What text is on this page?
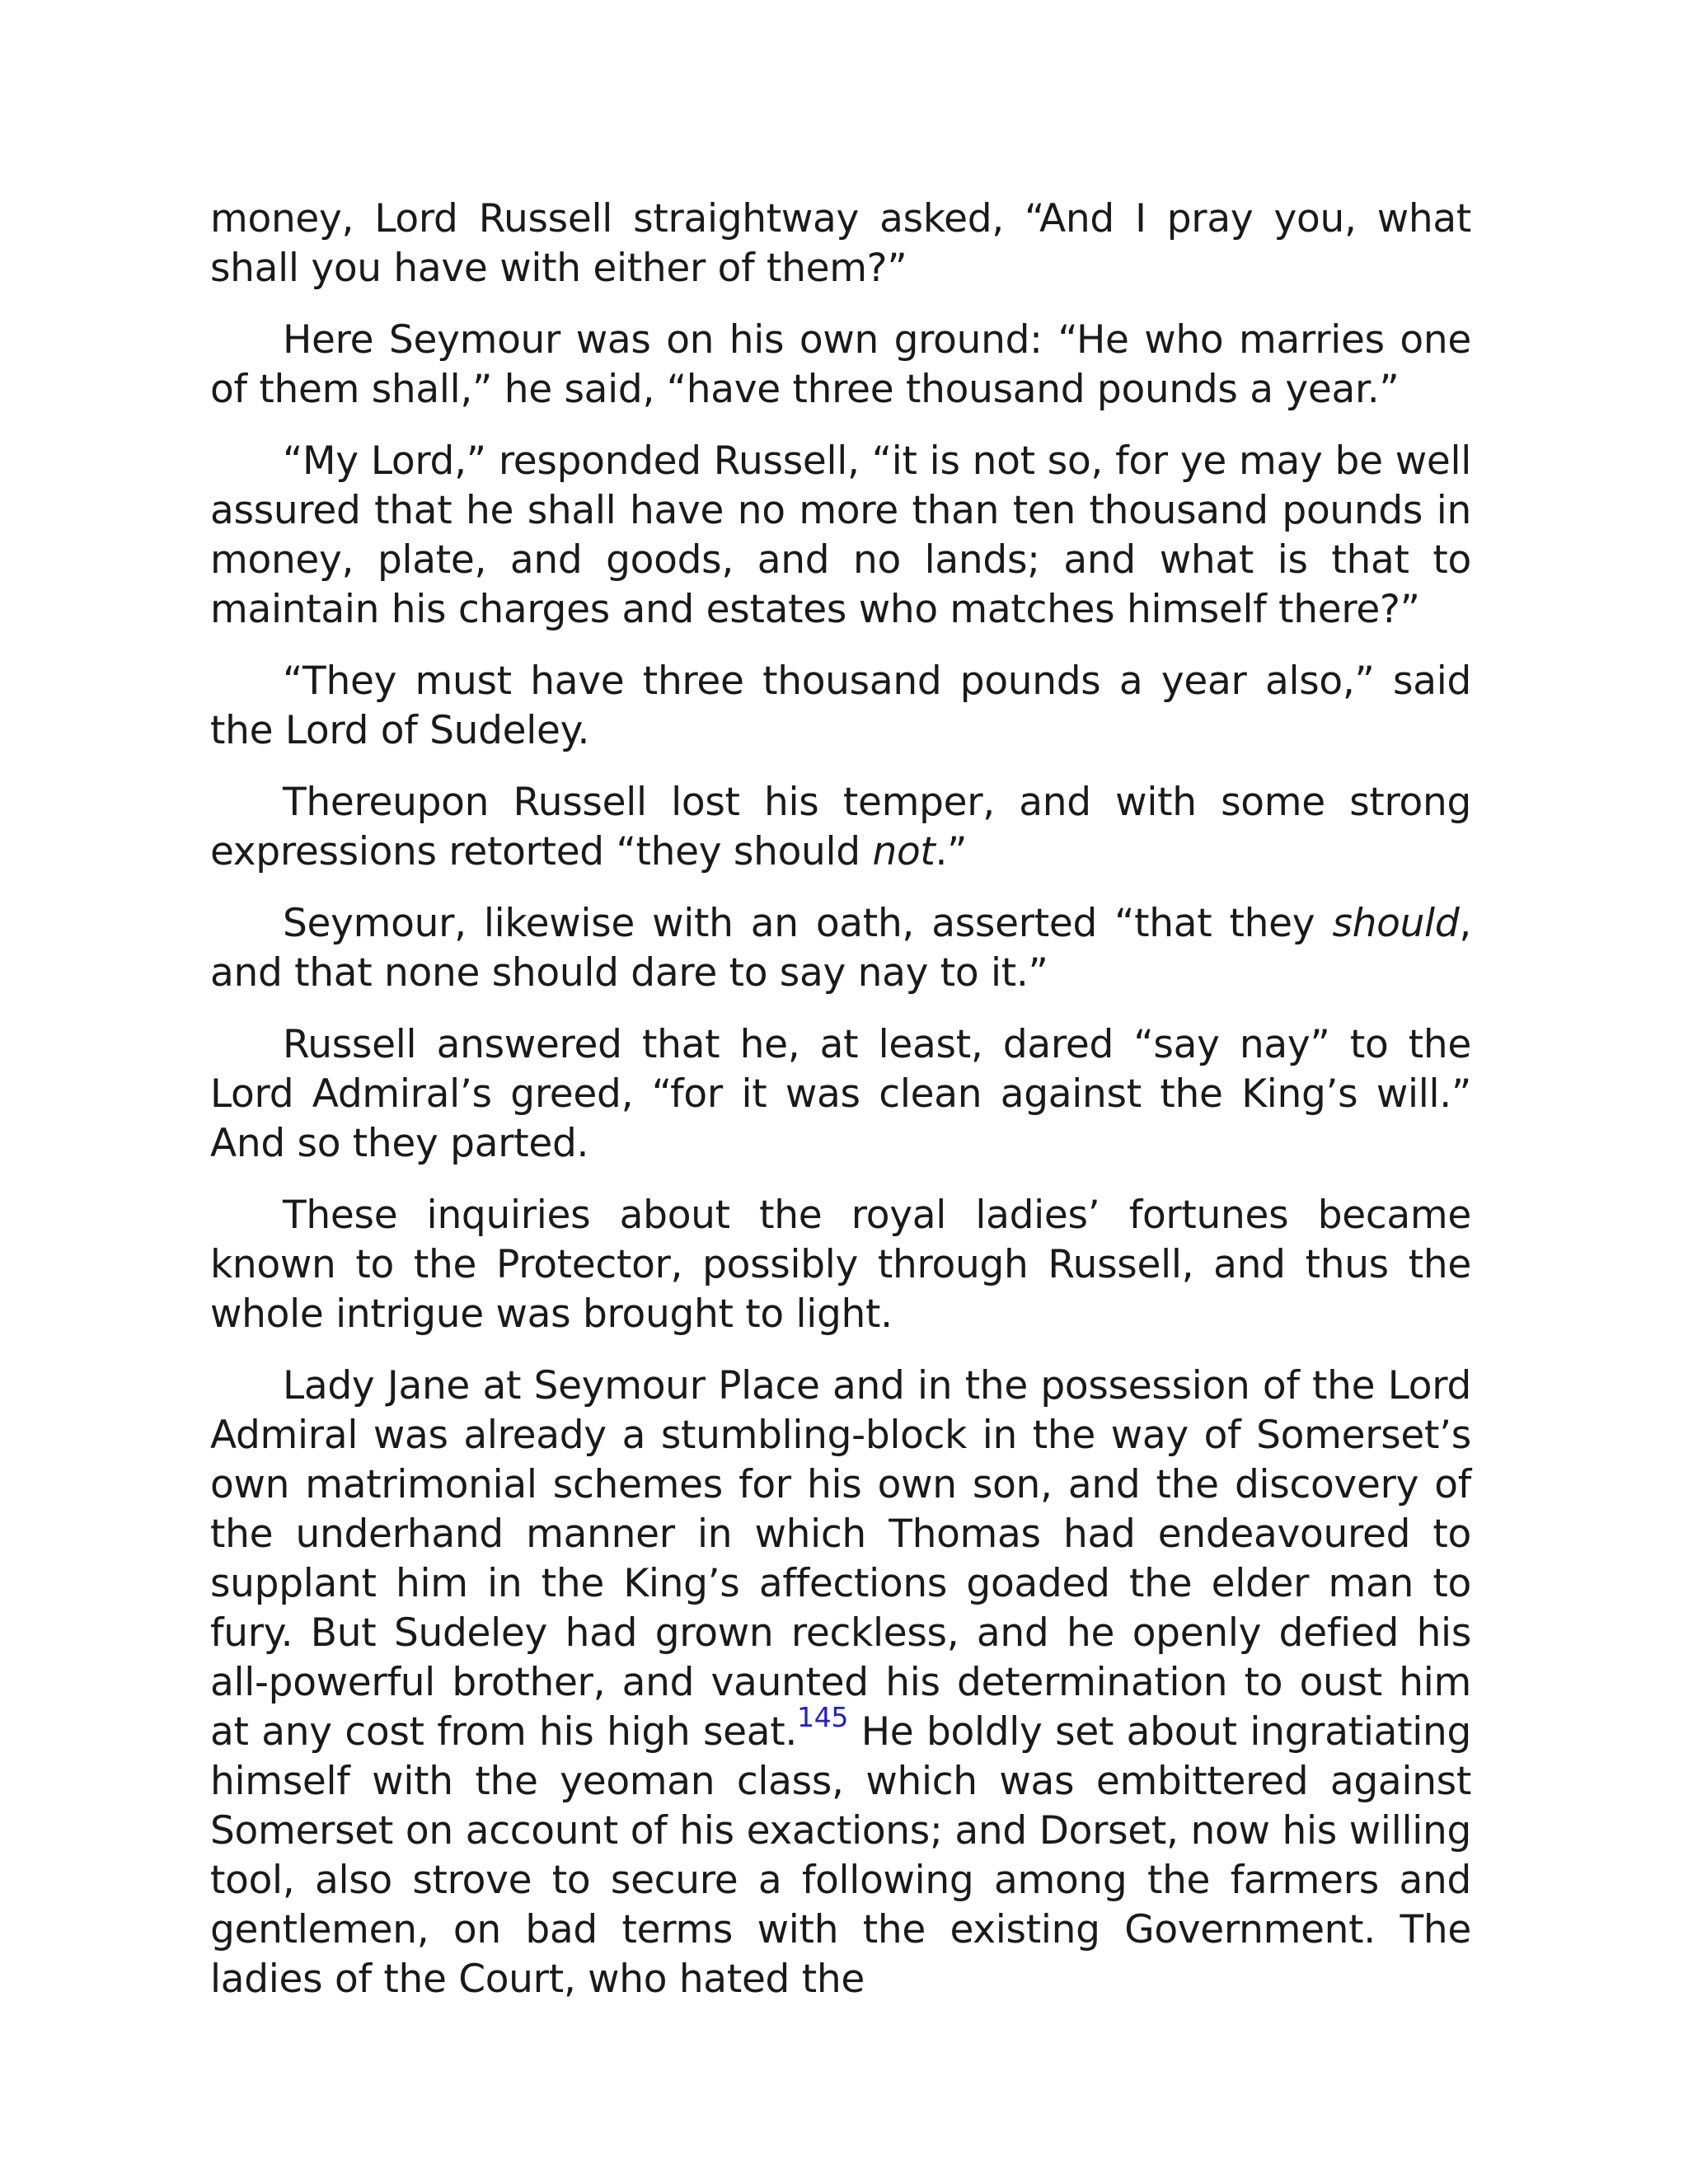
money, Lord Russell straightway asked, “And I pray you, what shall you have with either of them?”

Here Seymour was on his own ground: “He who marries one of them shall,” he said, “have three thousand pounds a year.”

“My Lord,” responded Russell, “it is not so, for ye may be well assured that he shall have no more than ten thousand pounds in money, plate, and goods, and no lands; and what is that to maintain his charges and estates who matches himself there?”

“They must have three thousand pounds a year also,” said the Lord of Sudeley.

Thereupon Russell lost his temper, and with some strong expressions retorted “they should not.”

Seymour, likewise with an oath, asserted “that they should, and that none should dare to say nay to it.”

Russell answered that he, at least, dared “say nay” to the Lord Admiral’s greed, “for it was clean against the King’s will.” And so they parted.

These inquiries about the royal ladies’ fortunes became known to the Protector, possibly through Russell, and thus the whole intrigue was brought to light.

Lady Jane at Seymour Place and in the possession of the Lord Admiral was already a stumbling-block in the way of Somerset’s own matrimonial schemes for his own son, and the discovery of the underhand manner in which Thomas had endeavoured to supplant him in the King’s affections goaded the elder man to fury. But Sudeley had grown reckless, and he openly defied his all-powerful brother, and vaunted his determination to oust him at any cost from his high seat.$^{145}$ He boldly set about ingratiating himself with the yeoman class, which was embittered against Somerset on account of his exactions; and Dorset, now his willing tool, also strove to secure a following among the farmers and gentlemen, on bad terms with the existing Government. The ladies of the Court, who hated the
